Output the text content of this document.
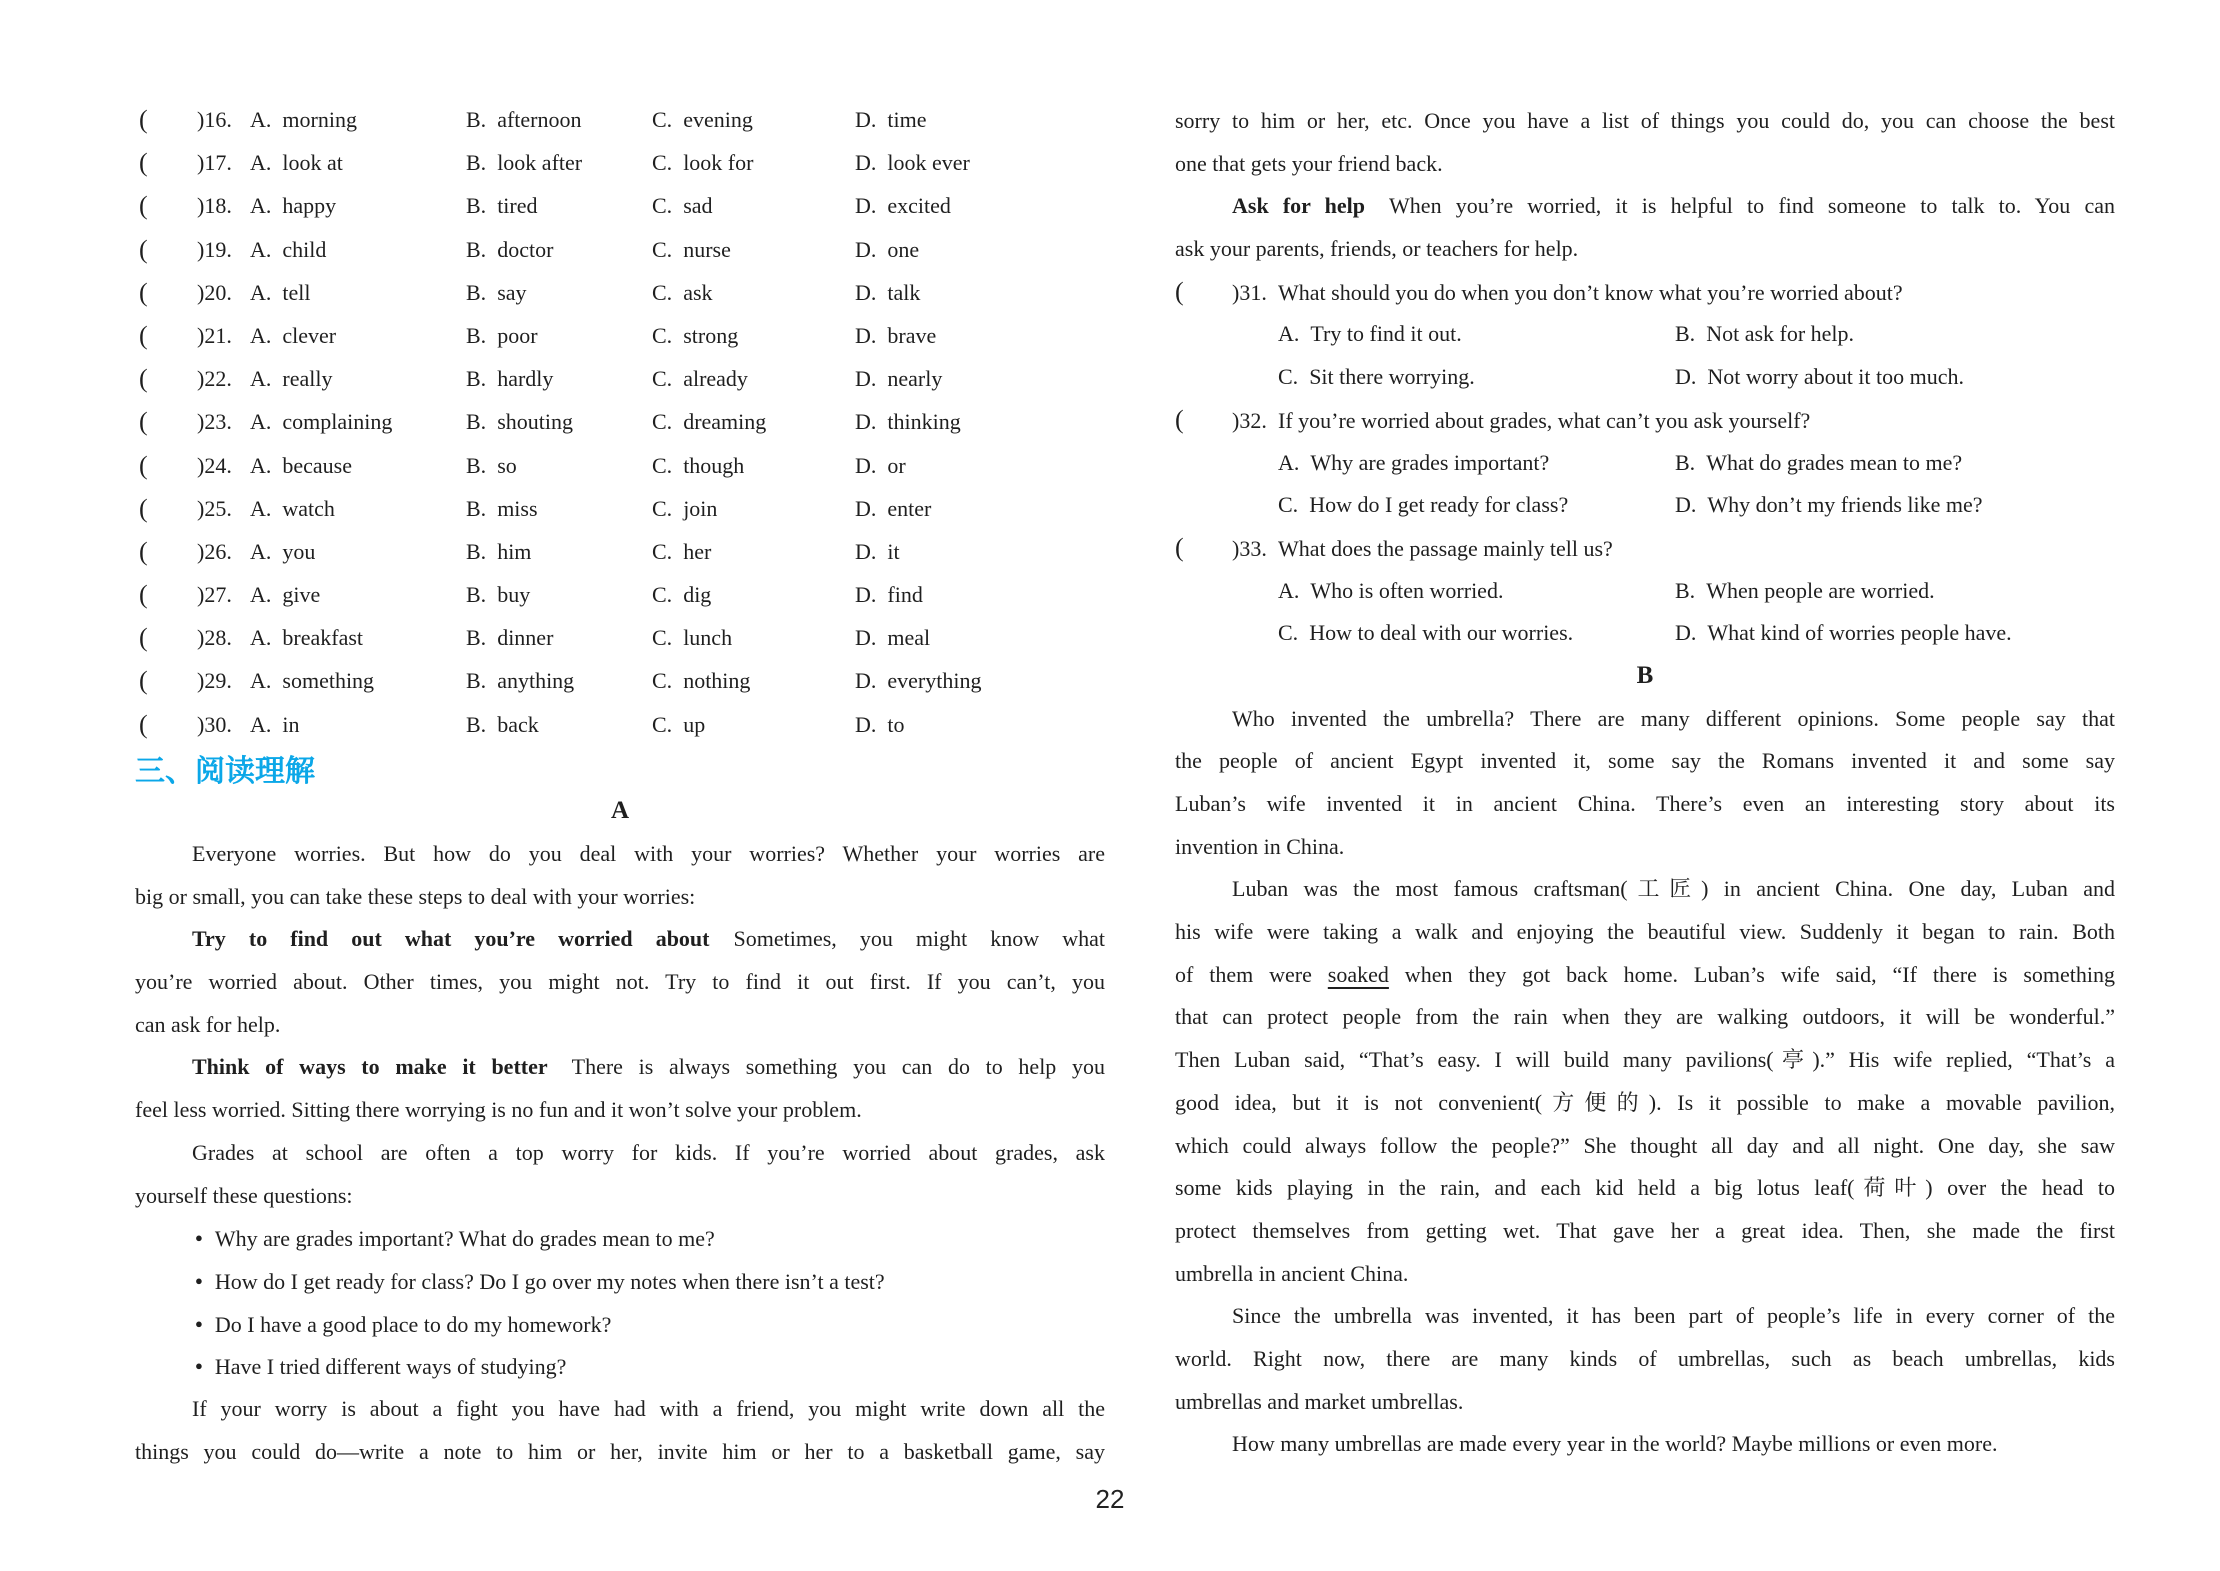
(	)16. A. morning	B. afternoon	C. evening	D. time
(	)17. A. look at	B. look after	C. look for	D. look ever
(	)18. A. happy	B. tired	C. sad	D. excited
(	)19. A. child	B. doctor	C. nurse	D. one
(	)20. A. tell	B. say	C. ask	D. talk
(	)21. A. clever	B. poor	C. strong	D. brave
(	)22. A. really	B. hardly	C. already	D. nearly
(	)23. A. complaining	B. shouting	C. dreaming	D. thinking
(	)24. A. because	B. so	C. though	D. or
(	)25. A. watch	B. miss	C. join	D. enter
(	)26. A. you	B. him	C. her	D. it
(	)27. A. give	B. buy	C. dig	D. find
(	)28. A. breakfast	B. dinner	C. lunch	D. meal
(	)29. A. something	B. anything	C. nothing	D. everything
(	)30. A. in	B. back	C. up	D. to
三、阅读理解
A
Everyone worries. But how do you deal with your worries? Whether your worries are
big or small, you can take these steps to deal with your worries:
Try to find out what you’re worried about Sometimes, you might know what
you’re worried about. Other times, you might not. Try to find it out first. If you can’t, you
can ask for help.
Think of ways to make it better There is always something you can do to help you
feel less worried. Sitting there worrying is no fun and it won’t solve your problem.
Grades at school are often a top worry for kids. If you’re worried about grades, ask
yourself these questions:
● Why are grades important? What do grades mean to me?
● How do I get ready for class? Do I go over my notes when there isn’t a test?
● Do I have a good place to do my homework?
● Have I tried different ways of studying?
If your worry is about a fight you have had with a friend, you might write down all the
things you could do—write a note to him or her, invite him or her to a basketball game, say
sorry to him or her, etc. Once you have a list of things you could do, you can choose the best
one that gets your friend back.
Ask for help When you’re worried, it is helpful to find someone to talk to. You can
ask your parents, friends, or teachers for help.
( )31. What should you do when you don’t know what you’re worried about?
A. Try to find it out.	B. Not ask for help.
C. Sit there worrying.	D. Not worry about it too much.
( )32. If you’re worried about grades, what can’t you ask yourself?
A. Why are grades important?	B. What do grades mean to me?
C. How do I get ready for class?	D. Why don’t my friends like me?
( )33. What does the passage mainly tell us?
A. Who is often worried.	B. When people are worried.
C. How to deal with our worries.	D. What kind of worries people have.
B
Who invented the umbrella? There are many different opinions. Some people say that
the people of ancient Egypt invented it, some say the Romans invented it and some say
Luban’s wife invented it in ancient China. There’s even an interesting story about its
invention in China.
Luban was the most famous craftsman(工匠) in ancient China. One day, Luban and
his wife were taking a walk and enjoying the beautiful view. Suddenly it began to rain. Both
of them were soaked when they got back home. Luban’s wife said, “If there is something
that can protect people from the rain when they are walking outdoors, it will be wonderful.”
Then Luban said, “That’s easy. I will build many pavilions(亭).” His wife replied, “That’s a
good idea, but it is not convenient(方便的). Is it possible to make a movable pavilion,
which could always follow the people?” She thought all day and all night. One day, she saw
some kids playing in the rain, and each kid held a big lotus leaf(荷叶) over the head to
protect themselves from getting wet. That gave her a great idea. Then, she made the first
umbrella in ancient China.
Since the umbrella was invented, it has been part of people’s life in every corner of the
world. Right now, there are many kinds of umbrellas, such as beach umbrellas, kids
umbrellas and market umbrellas.
How many umbrellas are made every year in the world? Maybe millions or even more.
22
